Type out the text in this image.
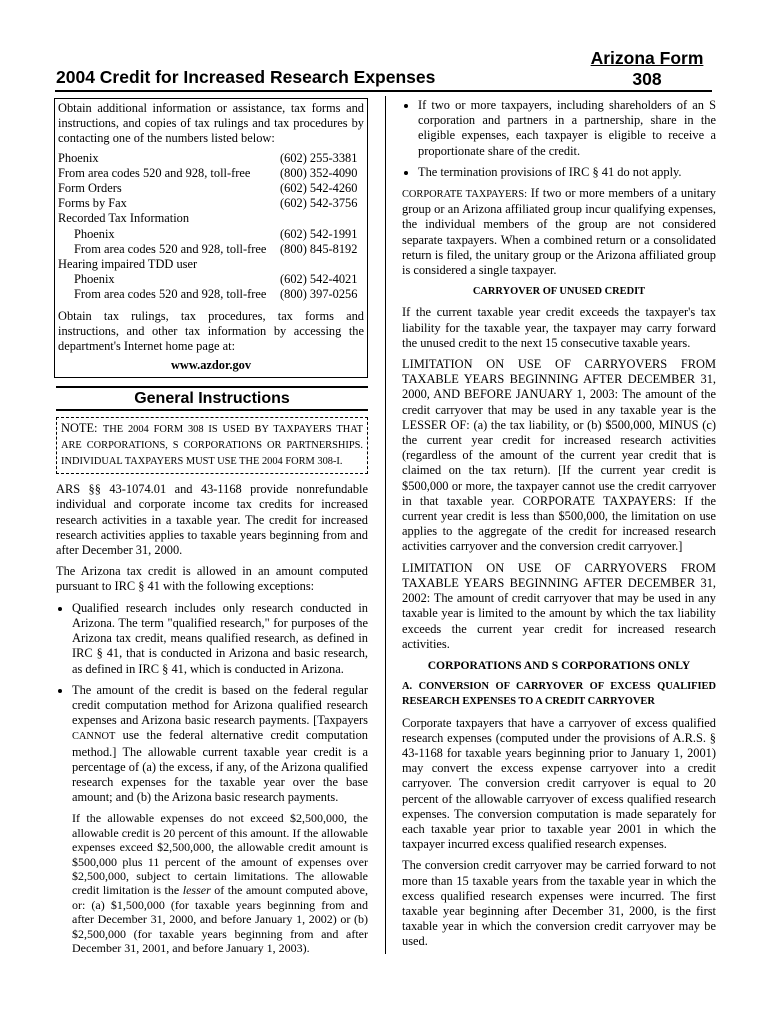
Arizona Form
308
2004 Credit for Increased Research Expenses

Obtain additional information or assistance, tax forms and instructions, and copies of tax rulings and tax procedures by contacting one of the numbers listed below:

Phoenix	(602) 255-3381
From area codes 520 and 928, toll-free (800) 352-4090
Form Orders	(602) 542-4260
Forms by Fax	(602) 542-3756
Recorded Tax Information
Phoenix	(602) 542-1991
From area codes 520 and 928, toll-free (800) 845-8192
Hearing impaired TDD user
Phoenix	(602) 542-4021
From area codes 520 and 928, toll-free (800) 397-0256

Obtain tax rulings, tax procedures, tax forms and instructions, and other tax information by accessing the department's Internet home page at:

www.azdor.gov
General Instructions
NOTE: THE 2004 FORM 308 IS USED BY TAXPAYERS THAT ARE CORPORATIONS, S CORPORATIONS OR PARTNERSHIPS. INDIVIDUAL TAXPAYERS MUST USE THE 2004 FORM 308-I.

ARS §§ 43-1074.01 and 43-1168 provide nonrefundable individual and corporate income tax credits for increased research activities in a taxable year. The credit for increased research activities applies to taxable years beginning from and after December 31, 2000.

The Arizona tax credit is allowed in an amount computed pursuant to IRC § 41 with the following exceptions:

• Qualified research includes only research conducted in Arizona. The term "qualified research," for purposes of the Arizona tax credit, means qualified research, as defined in IRC § 41, that is conducted in Arizona and basic research, as defined in IRC § 41, which is conducted in Arizona.
• The amount of the credit is based on the federal regular credit computation method for Arizona qualified research expenses and Arizona basic research payments. [Taxpayers CANNOT use the federal alternative credit computation method.] The allowable current taxable year credit is a percentage of (a) the excess, if any, of the Arizona qualified research expenses for the taxable year over the base amount; and (b) the Arizona basic research payments.

If the allowable expenses do not exceed $2,500,000, the allowable credit is 20 percent of this amount. If the allowable expenses exceed $2,500,000, the allowable credit amount is $500,000 plus 11 percent of the amount of expenses over $2,500,000, subject to certain limitations. The allowable credit limitation is the lesser of the amount computed above, or: (a) $1,500,000 (for taxable years beginning from and after December 31, 2000, and before January 1, 2002) or (b) $2,500,000 (for taxable years beginning from and after December 31, 2001, and before January 1, 2003).

• If two or more taxpayers, including shareholders of an S corporation and partners in a partnership, share in the eligible expenses, each taxpayer is eligible to receive a proportionate share of the credit.
• The termination provisions of IRC § 41 do not apply.

CORPORATE TAXPAYERS: If two or more members of a unitary group or an Arizona affiliated group incur qualifying expenses, the individual members of the group are not considered separate taxpayers. When a combined return or a consolidated return is filed, the unitary group or the Arizona affiliated group is considered a single taxpayer.

CARRYOVER OF UNUSED CREDIT

If the current taxable year credit exceeds the taxpayer's tax liability for the taxable year, the taxpayer may carry forward the unused credit to the next 15 consecutive taxable years.

LIMITATION ON USE OF CARRYOVERS FROM TAXABLE YEARS BEGINNING AFTER DECEMBER 31, 2000, AND BEFORE JANUARY 1, 2003: The amount of the credit carryover that may be used in any taxable year is the LESSER OF: (a) the tax liability, or (b) $500,000, MINUS (c) the current year credit for increased research activities (regardless of the amount of the current year credit that is claimed on the tax return). [If the current year credit is $500,000 or more, the taxpayer cannot use the credit carryover in that taxable year. CORPORATE TAXPAYERS: If the current year credit is less than $500,000, the limitation on use applies to the aggregate of the credit for increased research activities carryover and the conversion credit carryover.]

LIMITATION ON USE OF CARRYOVERS FROM TAXABLE YEARS BEGINNING AFTER DECEMBER 31, 2002: The amount of credit carryover that may be used in any taxable year is limited to the amount by which the tax liability exceeds the current year credit for increased research activities.

CORPORATIONS AND S CORPORATIONS ONLY

A. CONVERSION OF CARRYOVER OF EXCESS QUALIFIED RESEARCH EXPENSES TO A CREDIT CARRYOVER

Corporate taxpayers that have a carryover of excess qualified research expenses (computed under the provisions of A.R.S. § 43-1168 for taxable years beginning prior to January 1, 2001) may convert the excess expense carryover into a credit carryover. The conversion credit carryover is equal to 20 percent of the allowable carryover of excess qualified research expenses. The conversion computation is made separately for each taxable year prior to taxable year 2001 in which the taxpayer incurred excess qualified research expenses.

The conversion credit carryover may be carried forward to not more than 15 taxable years from the taxable year in which the excess qualified research expenses were incurred. The first taxable year beginning after December 31, 2000, is the first taxable year in which the conversion credit carryover may be used.
